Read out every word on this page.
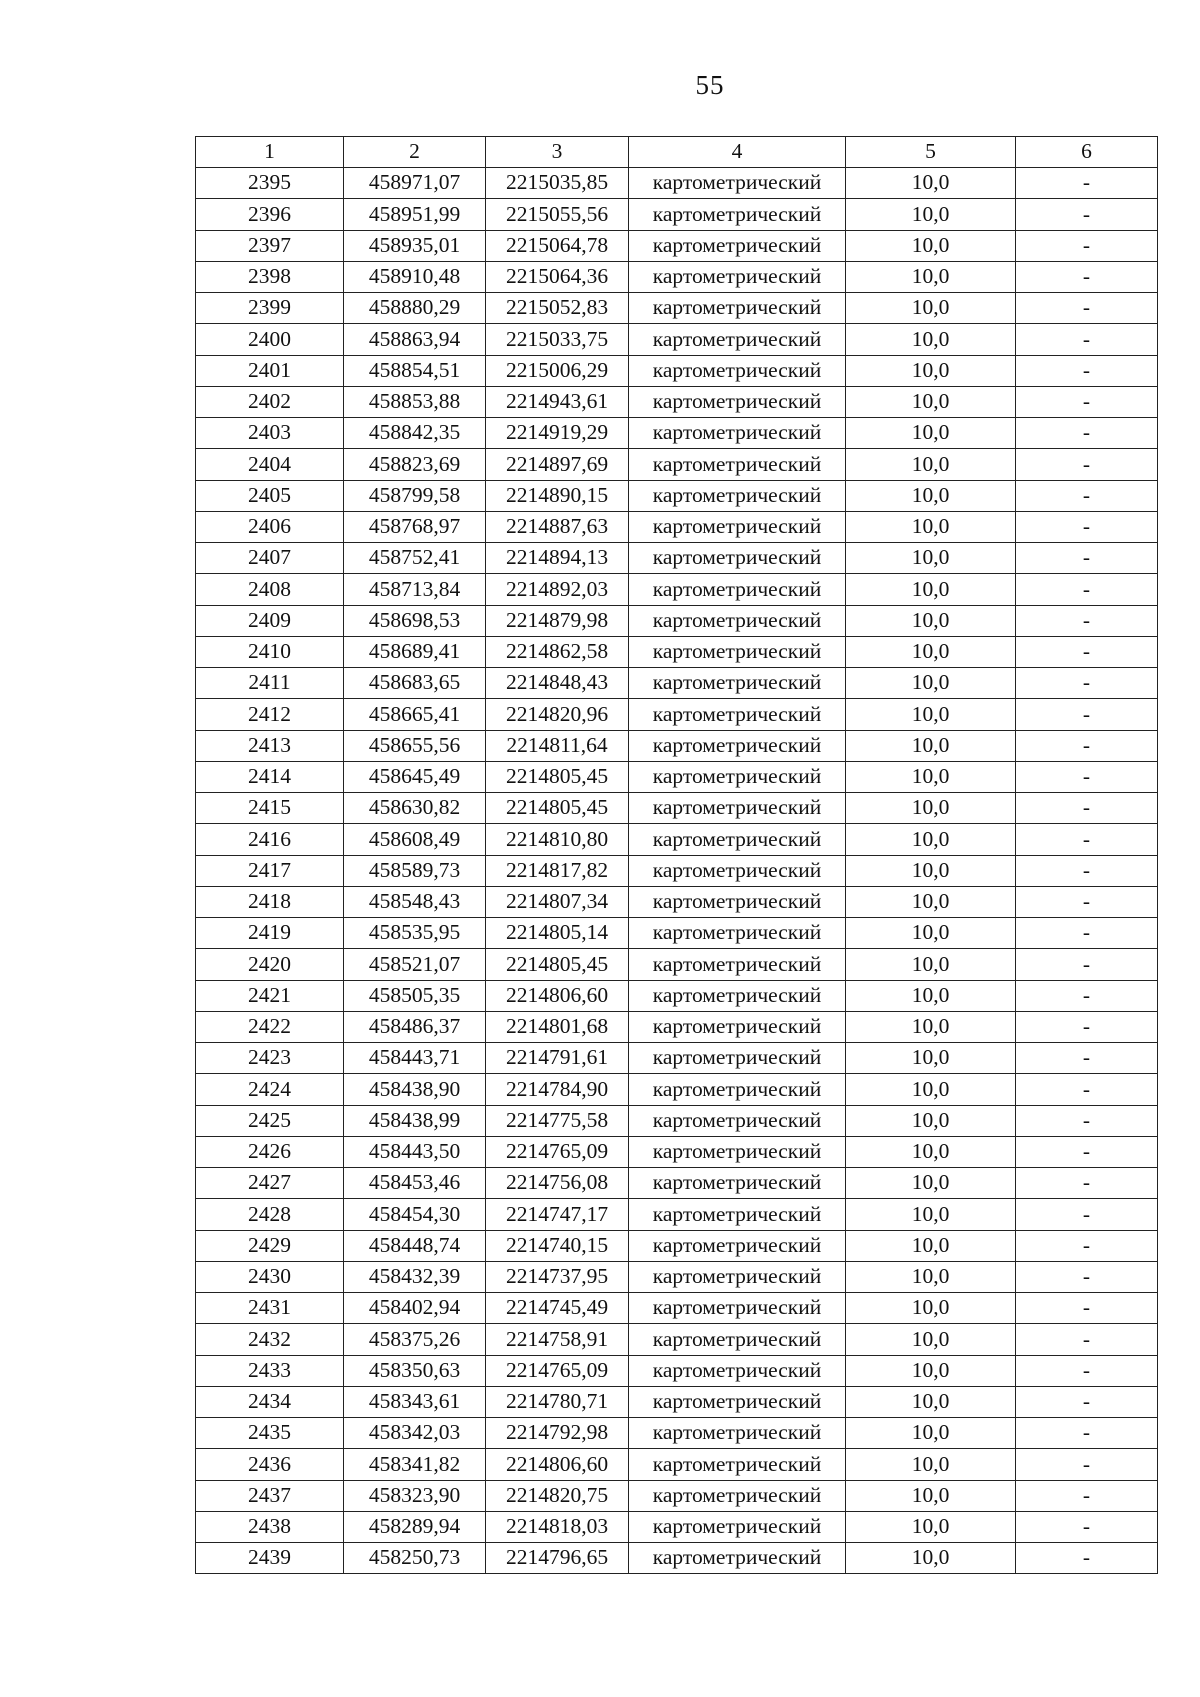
55
1	2	3	4	5	6
2395	458971,07	2215035,85	картометрический	10,0	-
2396	458951,99	2215055,56	картометрический	10,0	-
2397	458935,01	2215064,78	картометрический	10,0	-
2398	458910,48	2215064,36	картометрический	10,0	-
2399	458880,29	2215052,83	картометрический	10,0	-
2400	458863,94	2215033,75	картометрический	10,0	-
2401	458854,51	2215006,29	картометрический	10,0	-
2402	458853,88	2214943,61	картометрический	10,0	-
2403	458842,35	2214919,29	картометрический	10,0	-
2404	458823,69	2214897,69	картометрический	10,0	-
2405	458799,58	2214890,15	картометрический	10,0	-
2406	458768,97	2214887,63	картометрический	10,0	-
2407	458752,41	2214894,13	картометрический	10,0	-
2408	458713,84	2214892,03	картометрический	10,0	-
2409	458698,53	2214879,98	картометрический	10,0	-
2410	458689,41	2214862,58	картометрический	10,0	-
2411	458683,65	2214848,43	картометрический	10,0	-
2412	458665,41	2214820,96	картометрический	10,0	-
2413	458655,56	2214811,64	картометрический	10,0	-
2414	458645,49	2214805,45	картометрический	10,0	-
2415	458630,82	2214805,45	картометрический	10,0	-
2416	458608,49	2214810,80	картометрический	10,0	-
2417	458589,73	2214817,82	картометрический	10,0	-
2418	458548,43	2214807,34	картометрический	10,0	-
2419	458535,95	2214805,14	картометрический	10,0	-
2420	458521,07	2214805,45	картометрический	10,0	-
2421	458505,35	2214806,60	картометрический	10,0	-
2422	458486,37	2214801,68	картометрический	10,0	-
2423	458443,71	2214791,61	картометрический	10,0	-
2424	458438,90	2214784,90	картометрический	10,0	-
2425	458438,99	2214775,58	картометрический	10,0	-
2426	458443,50	2214765,09	картометрический	10,0	-
2427	458453,46	2214756,08	картометрический	10,0	-
2428	458454,30	2214747,17	картометрический	10,0	-
2429	458448,74	2214740,15	картометрический	10,0	-
2430	458432,39	2214737,95	картометрический	10,0	-
2431	458402,94	2214745,49	картометрический	10,0	-
2432	458375,26	2214758,91	картометрический	10,0	-
2433	458350,63	2214765,09	картометрический	10,0	-
2434	458343,61	2214780,71	картометрический	10,0	-
2435	458342,03	2214792,98	картометрический	10,0	-
2436	458341,82	2214806,60	картометрический	10,0	-
2437	458323,90	2214820,75	картометрический	10,0	-
2438	458289,94	2214818,03	картометрический	10,0	-
2439	458250,73	2214796,65	картометрический	10,0	-
